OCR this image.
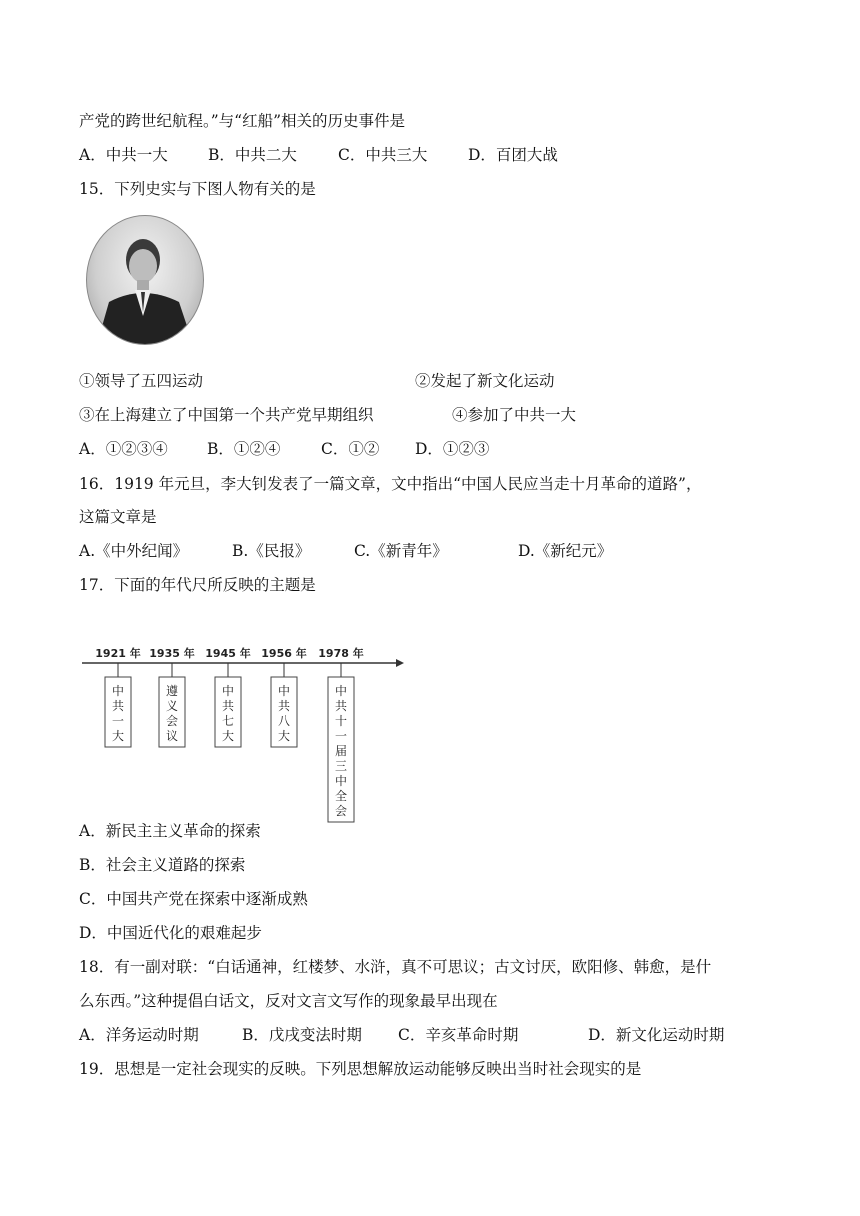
产党的跨世纪航程。”与“红船”相关的历史事件是
A．中共一大	B．中共二大	C．中共三大	D．百团大战
15．下列史实与下图人物有关的是
①领导了五四运动	②发起了新文化运动
③在上海建立了中国第一个共产党早期组织	④参加了中共一大
A．①②③④	B．①②④	C．①② D．①②③
16．1919 年元旦，李大钊发表了一篇文章，文中指出“中国人民应当走十月革命的道路”，
这篇文章是
A.《中外纪闻》	B.《民报》	C.《新青年》	D.《新纪元》
17．下面的年代尺所反映的主题是
1921 年
中
共
一
大
1935 年
遵
义
会
议
1945 年
中
共
七
大
1956 年
中
共
八
大
1978 年
中
共
十
一
届
三
中
全
会
A．新民主主义革命的探索
B．社会主义道路的探索
C．中国共产党在探索中逐渐成熟
D．中国近代化的艰难起步
18．有一副对联：“白话通神，红楼梦、水浒，真不可思议；古文讨厌，欧阳修、韩愈，是什
么东西。”这种提倡白话文，反对文言文写作的现象最早出现在
A．洋务运动时期	B．戊戌变法时期 C．辛亥革命时期	D．新文化运动时期
19．思想是一定社会现实的反映。下列思想解放运动能够反映出当时社会现实的是
